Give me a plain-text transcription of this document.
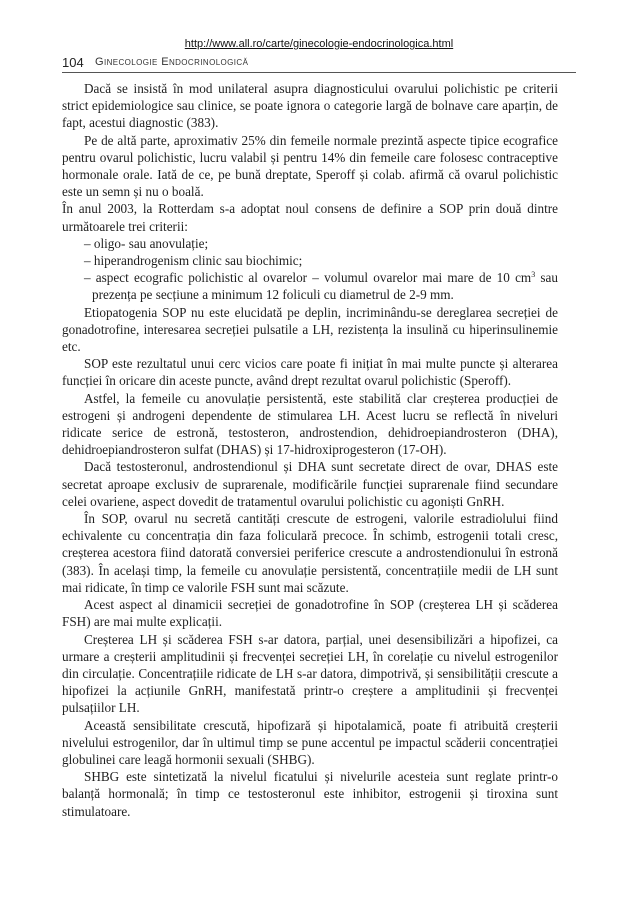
http://www.all.ro/carte/ginecologie-endocrinologica.html
104 Ginecologie Endocrinologică

Dacă se insistă în mod unilateral asupra diagnosticului ovarului polichistic pe criterii strict epidemiologice sau clinice, se poate ignora o categorie largă de bolnave care aparțin, de fapt, acestui diagnostic (383).

Pe de altă parte, aproximativ 25% din femeile normale prezintă aspecte tipice ecografice pentru ovarul polichistic, lucru valabil și pentru 14% din femeile care folosesc contraceptive hormonale orale. Iată de ce, pe bună dreptate, Speroff și colab. afirmă că ovarul polichistic este un semn și nu o boală.

În anul 2003, la Rotterdam s-a adoptat noul consens de definire a SOP prin două dintre următoarele trei criterii:

– oligo- sau anovulație;
– hiperandrogenism clinic sau biochimic;
– aspect ecografic polichistic al ovarelor – volumul ovarelor mai mare de 10 $cm^3$ sau prezența pe secțiune a minimum 12 foliculi cu diametrul de 2-9 mm.

Etiopatogenia SOP nu este elucidată pe deplin, incriminându-se dereglarea secreției de gonadotrofine, interesarea secreției pulsatile a LH, rezistența la insulină cu hiperinsulinemie etc.

SOP este rezultatul unui cerc vicios care poate fi inițiat în mai multe puncte și alterarea funcției în oricare din aceste puncte, având drept rezultat ovarul polichistic (Speroff).

Astfel, la femeile cu anovulație persistentă, este stabilită clar creșterea producției de estrogeni și androgeni dependente de stimularea LH. Acest lucru se reflectă în niveluri ridicate serice de estronă, testosteron, androstendion, dehidroepiandrosteron (DHA), dehidroepiandrosteron sulfat (DHAS) și 17-hidroxiprogesteron (17-OH).

Dacă testosteronul, androstendionul și DHA sunt secretate direct de ovar, DHAS este secretat aproape exclusiv de suprarenale, modificările funcției suprarenale fiind secundare celei ovariene, aspect dovedit de tratamentul ovarului polichistic cu agoniști GnRH.

În SOP, ovarul nu secretă cantități crescute de estrogeni, valorile estradiolului fiind echivalente cu concentrația din faza foliculară precoce. În schimb, estrogenii totali cresc, creșterea acestora fiind datorată conversiei periferice crescute a androstendionului în estronă (383). În același timp, la femeile cu anovulație persistentă, concentrațiile medii de LH sunt mai ridicate, în timp ce valorile FSH sunt mai scăzute.

Acest aspect al dinamicii secreției de gonadotrofine în SOP (creșterea LH și scăderea FSH) are mai multe explicații.

Creșterea LH și scăderea FSH s-ar datora, parțial, unei desensibilizări a hipofizei, ca urmare a creșterii amplitudinii și frecvenței secreției LH, în corelație cu nivelul estrogenilor din circulație. Concentrațiile ridicate de LH s-ar datora, dimpotrivă, și sensibilității crescute a hipofizei la acțiunile GnRH, manifestată printr-o creștere a amplitudinii și frecvenței pulsațiilor LH.

Această sensibilitate crescută, hipofizară și hipotalamică, poate fi atribuită creșterii nivelului estrogenilor, dar în ultimul timp se pune accentul pe impactul scăderii concentrației globulinei care leagă hormonii sexuali (SHBG).

SHBG este sintetizată la nivelul ficatului și nivelurile acesteia sunt reglate printr-o balanță hormonală; în timp ce testosteronul este inhibitor, estrogenii și tiroxina sunt stimulatoare.
